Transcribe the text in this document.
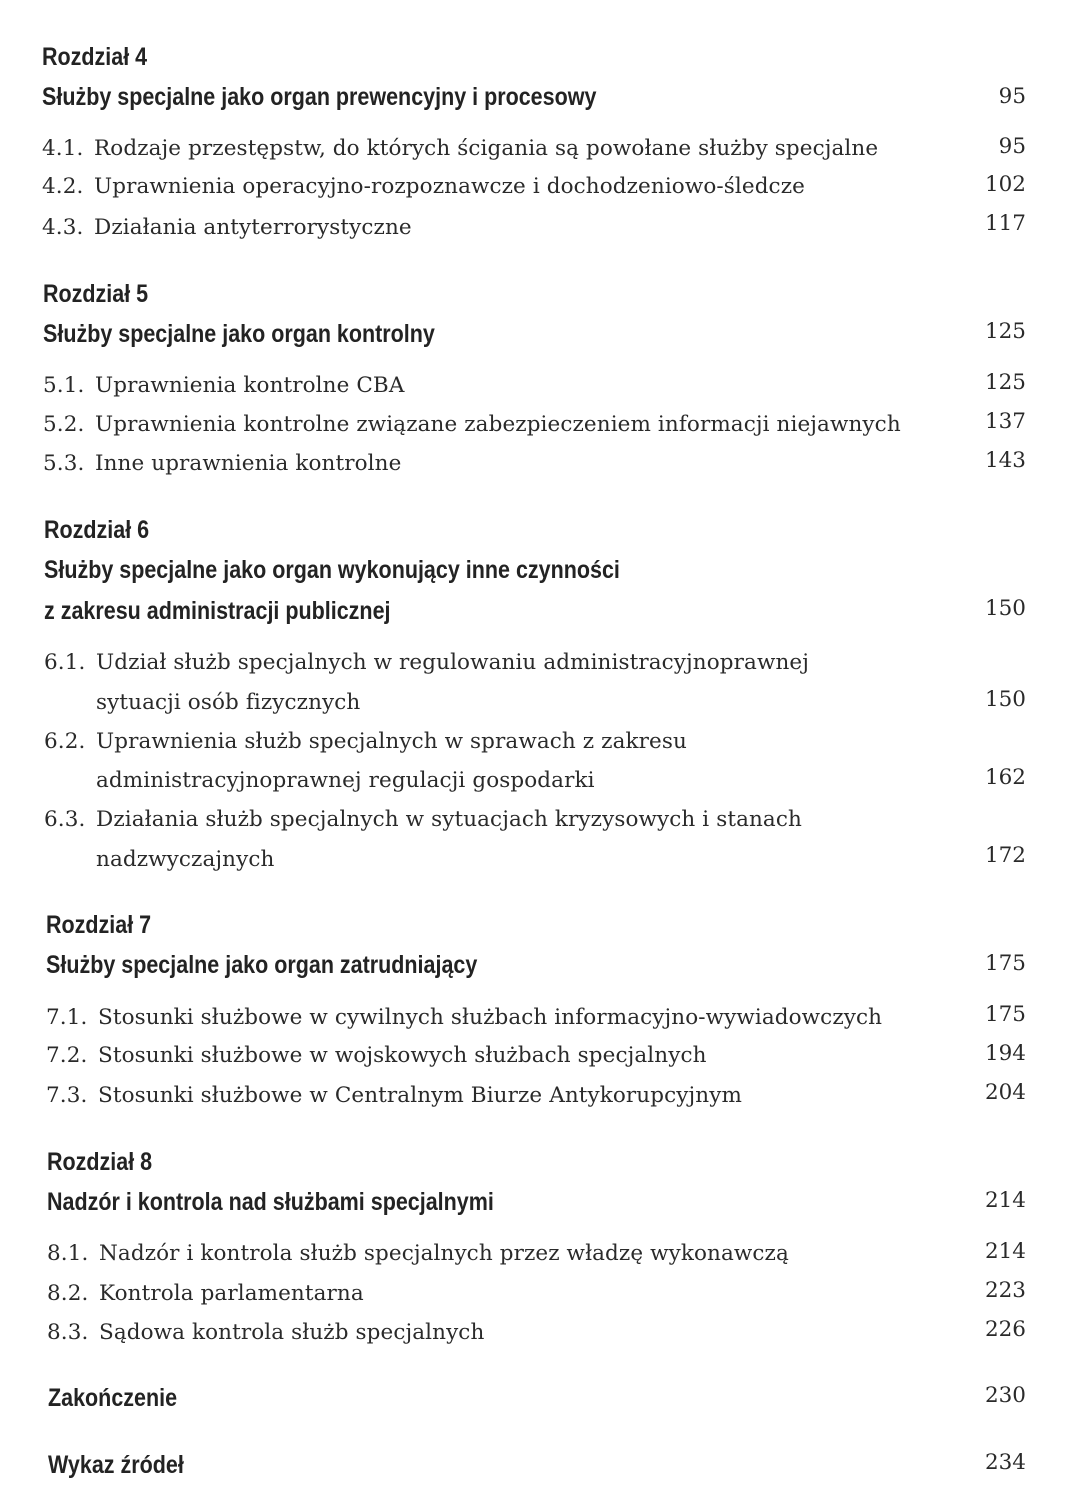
Rozdział 4
Służby specjalne jako organ prewencyjny i procesowy	95
4.1. Rodzaje przestępstw, do których ścigania są powołane służby specjalne	95
4.2. Uprawnienia operacyjno-rozpoznawcze i dochodzeniowo-śledcze	102
4.3. Działania antyterrorystyczne	117
Rozdział 5
Służby specjalne jako organ kontrolny	125
5.1. Uprawnienia kontrolne CBA	125
5.2. Uprawnienia kontrolne związane zabezpieczeniem informacji niejawnych	137
5.3. Inne uprawnienia kontrolne	143
Rozdział 6
Służby specjalne jako organ wykonujący inne czynności
z zakresu administracji publicznej	150
6.1. Udział służb specjalnych w regulowaniu administracyjnoprawnej
sytuacji osób fizycznych	150
6.2. Uprawnienia służb specjalnych w sprawach z zakresu
administracyjnoprawnej regulacji gospodarki	162
6.3. Działania służb specjalnych w sytuacjach kryzysowych i stanach
nadzwyczajnych	172
Rozdział 7
Służby specjalne jako organ zatrudniający	175
7.1. Stosunki służbowe w cywilnych służbach informacyjno-wywiadowczych	175
7.2. Stosunki służbowe w wojskowych służbach specjalnych	194
7.3. Stosunki służbowe w Centralnym Biurze Antykorupcyjnym	204
Rozdział 8
Nadzór i kontrola nad służbami specjalnymi	214
8.1. Nadzór i kontrola służb specjalnych przez władzę wykonawczą	214
8.2. Kontrola parlamentarna	223
8.3. Sądowa kontrola służb specjalnych	226
Zakończenie	230
Wykaz źródeł	234
